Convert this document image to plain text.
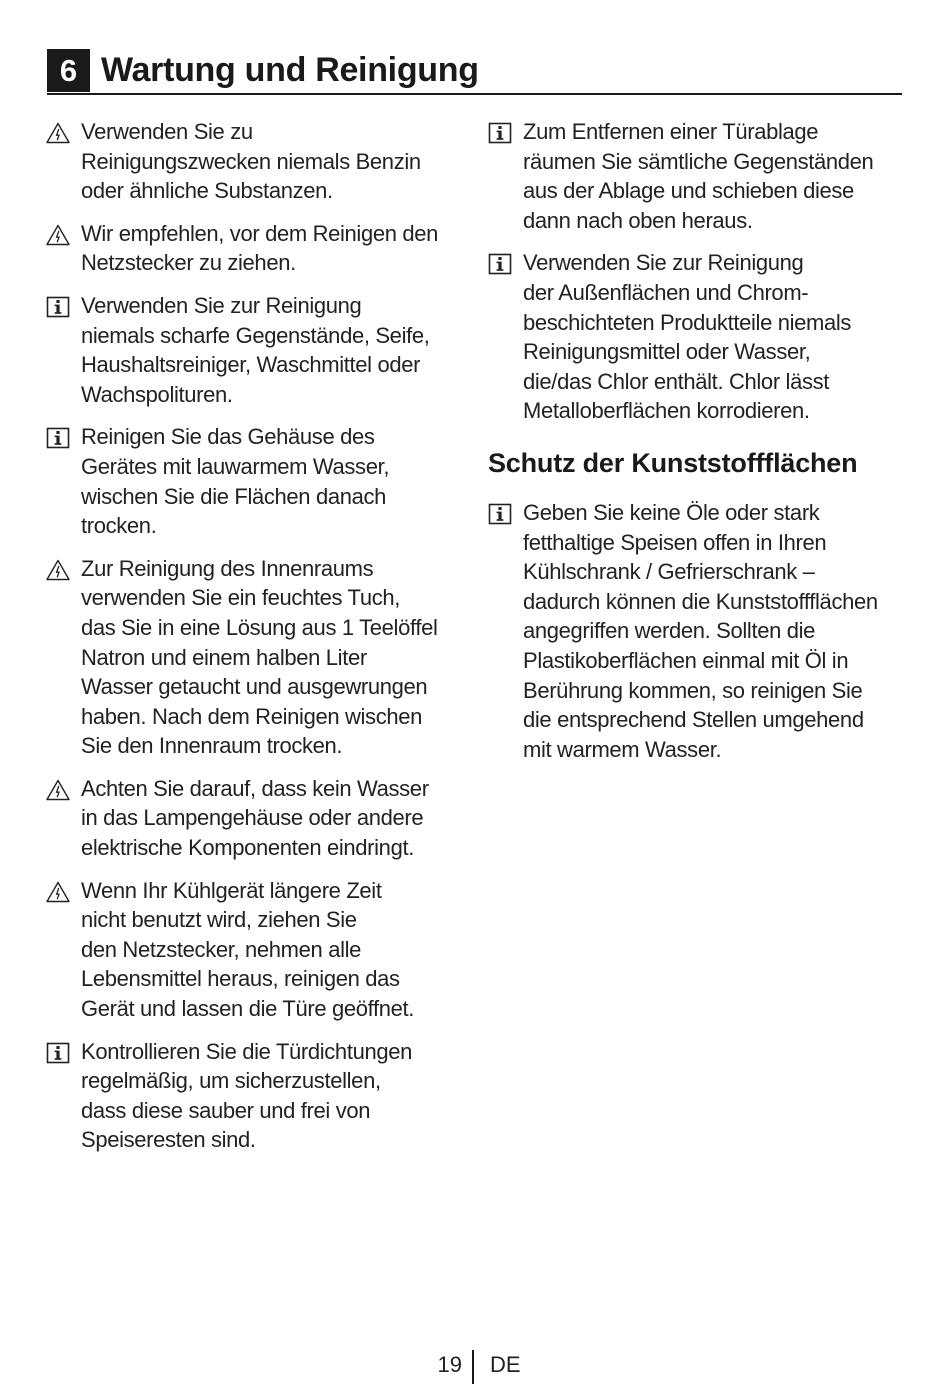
6 Wartung und Reinigung
Verwenden Sie zu
Reinigungszwecken niemals Benzin
oder ähnliche Substanzen.
Wir empfehlen, vor dem Reinigen den
Netzstecker zu ziehen.
Verwenden Sie zur Reinigung
niemals scharfe Gegenstände, Seife,
Haushaltsreiniger, Waschmittel oder
Wachspolituren.
Reinigen Sie das Gehäuse des
Gerätes mit lauwarmem Wasser,
wischen Sie die Flächen danach
trocken.
Zur Reinigung des Innenraums
verwenden Sie ein feuchtes Tuch,
das Sie in eine Lösung aus 1 Teelöffel
Natron und einem halben Liter
Wasser getaucht und ausgewrungen
haben. Nach dem Reinigen wischen
Sie den Innenraum trocken.
Achten Sie darauf, dass kein Wasser
in das Lampengehäuse oder andere
elektrische Komponenten eindringt.
Wenn Ihr Kühlgerät längere Zeit
nicht benutzt wird, ziehen Sie
den Netzstecker, nehmen alle
Lebensmittel heraus, reinigen das
Gerät und lassen die Türe geöffnet.
Kontrollieren Sie die Türdichtungen
regelmäßig, um sicherzustellen,
dass diese sauber und frei von
Speiseresten sind.
Zum Entfernen einer Türablage
räumen Sie sämtliche Gegenständen
aus der Ablage und schieben diese
dann nach oben heraus.
Verwenden Sie zur Reinigung
der Außenflächen und Chrom-
beschichteten Produktteile niemals
Reinigungsmittel oder Wasser,
die/das Chlor enthält. Chlor lässt
Metalloberflächen korrodieren.
Schutz der Kunststoffflächen
Geben Sie keine Öle oder stark
fetthaltige Speisen offen in Ihren
Kühlschrank / Gefrierschrank –
dadurch können die Kunststoffflächen
angegriffen werden. Sollten die
Plastikoberflächen einmal mit Öl in
Berührung kommen, so reinigen Sie
die entsprechend Stellen umgehend
mit warmem Wasser.
19 DE
